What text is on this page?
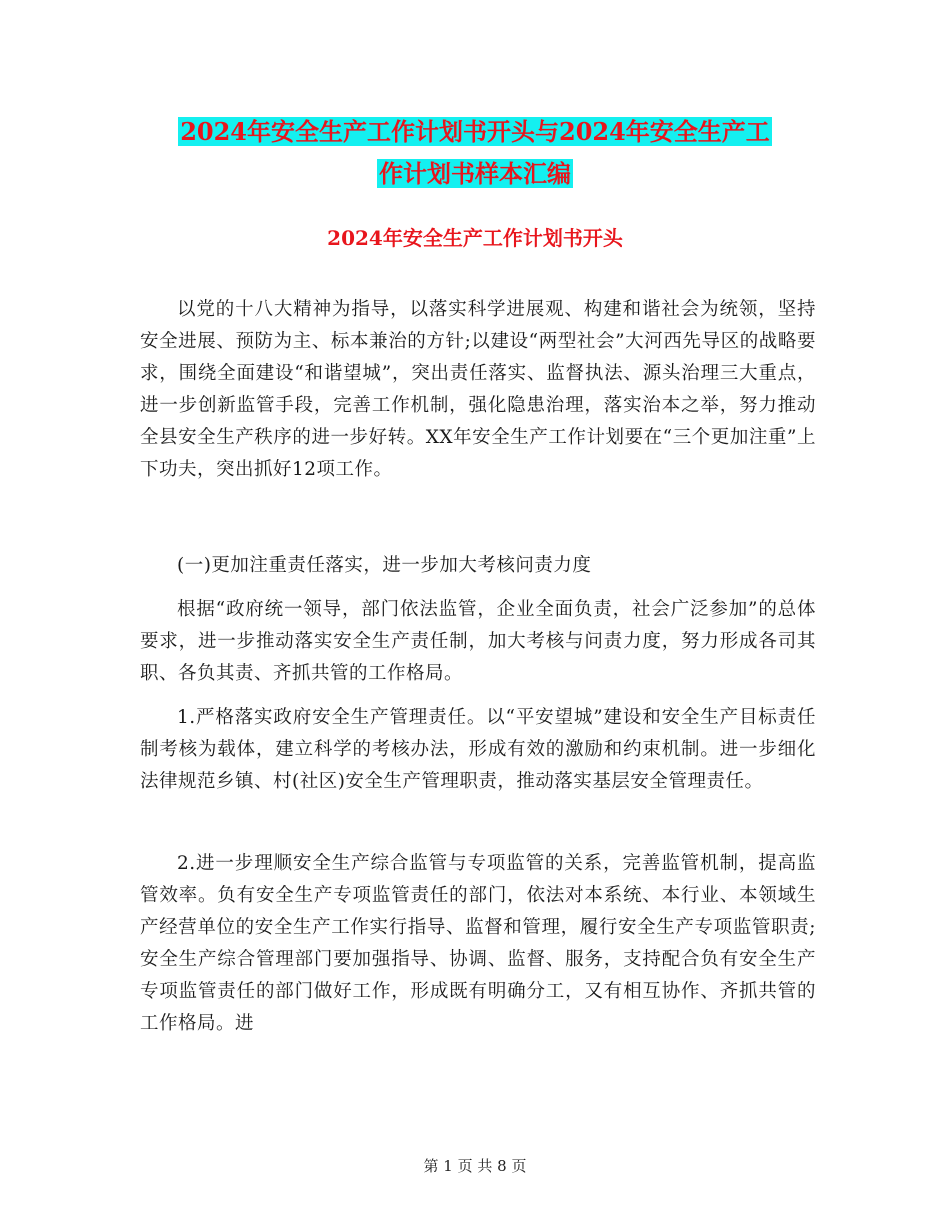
2024年安全生产工作计划书开头与2024年安全生产工
作计划书样本汇编
2024年安全生产工作计划书开头

以党的十八大精神为指导，以落实科学进展观、构建和谐社会为统领，坚持安全进展、预防为主、标本兼治的方针;以建设“两型社会”大河西先导区的战略要求，围绕全面建设“和谐望城”，突出责任落实、监督执法、源头治理三大重点，进一步创新监管手段，完善工作机制，强化隐患治理，落实治本之举，努力推动全县安全生产秩序的进一步好转。XX年安全生产工作计划要在“三个更加注重”上下功夫，突出抓好12项工作。

(一)更加注重责任落实，进一步加大考核问责力度

根据“政府统一领导，部门依法监管，企业全面负责，社会广泛参加”的总体要求，进一步推动落实安全生产责任制，加大考核与问责力度，努力形成各司其职、各负其责、齐抓共管的工作格局。

1.严格落实政府安全生产管理责任。以“平安望城”建设和安全生产目标责任制考核为载体，建立科学的考核办法，形成有效的激励和约束机制。进一步细化法律规范乡镇、村(社区)安全生产管理职责，推动落实基层安全管理责任。

2.进一步理顺安全生产综合监管与专项监管的关系，完善监管机制，提高监管效率。负有安全生产专项监管责任的部门，依法对本系统、本行业、本领域生产经营单位的安全生产工作实行指导、监督和管理，履行安全生产专项监管职责;安全生产综合管理部门要加强指导、协调、监督、服务，支持配合负有安全生产专项监管责任的部门做好工作，形成既有明确分工，又有相互协作、齐抓共管的工作格局。进

第 1 页 共 8 页
